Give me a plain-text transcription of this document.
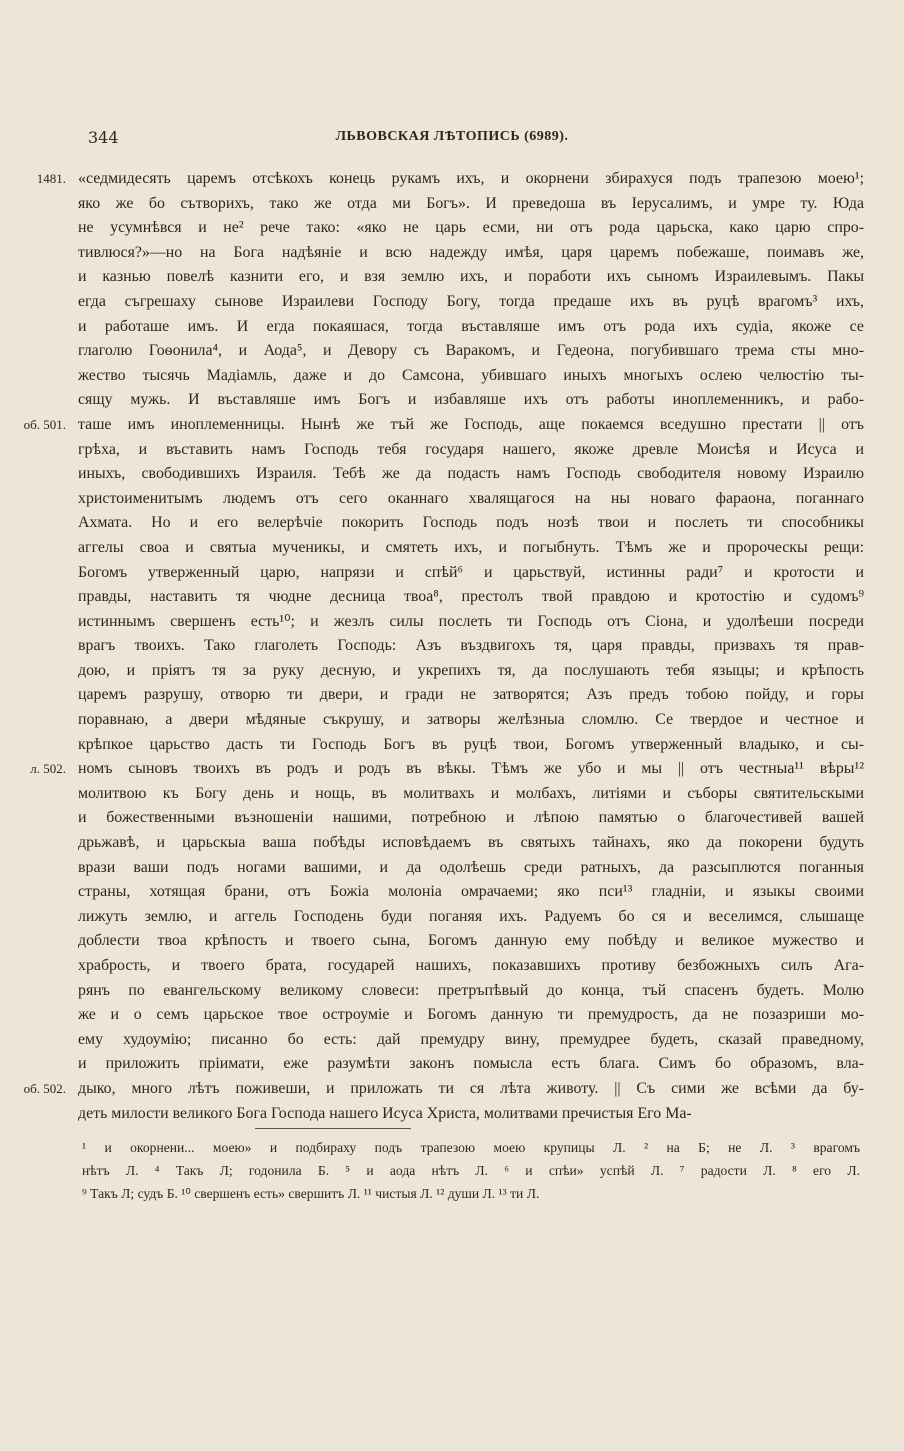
344	ЛЬВОВСКАЯ ЛѢТОПИСЬ (6989).
1481. «седмидесять царемъ отсѣкохъ конець рукамъ ихъ, и окорнени збирахуся подъ трапезою моею¹;
яко же бо сътворихъ, тако же отда ми Богъ». И преведоша въ Іерусалимъ, и умре ту. Юда
не усумнѣвся и не² рече тако: «яко не царь есми, ни отъ рода царьска, како царю спро-
тивлюся?»—но на Бога надѣяніе и всю надежду имѣя, царя царемъ побежаше, поимавъ же,
и казнью повелѣ казнити его, и взя землю ихъ, и поработи ихъ сыномъ Израилевымъ. Пакы
егда съгрешаху сынове Израилеви Господу Богу, тогда предаше ихъ въ руцѣ врагомъ³ ихъ,
и работаше имъ. И егда покаяшася, тогда въставляше имъ отъ рода ихъ судіа, якоже се
глаголю Гоѳонила⁴, и Аода⁵, и Девору съ Варакомъ, и Гедеона, погубившаго трема сты мно-
жество тысячь Мадіамль, даже и до Самсона, убившаго иныхъ многыхъ ослею челюстію ты-
сящу мужь. И въставляше имъ Богъ и избавляше ихъ отъ работы иноплеменникъ, и рабо-
об. 501. таше имъ иноплеменницы. Нынѣ же тъй же Господь, аще покаемся вседушно престати || отъ
грѣха, и въставить намъ Господь тебя государя нашего, якоже древле Моисѣя и Исуса и
иныхъ, свободившихъ Израиля. Тебѣ же да подасть намъ Господь свободителя новому Израилю
христоименитымъ людемъ отъ сего оканнаго хвалящагося на ны новаго фараона, поганнаго
Ахмата. Но и его велерѣчіе покорить Господь подъ нозѣ твои и послеть ти способникы
аггелы своа и святыа мученикы, и смятеть ихъ, и погыбнуть. Тѣмъ же и пророческы рещи:
Богомъ утверженный царю, напрязи и спѣй⁶ и царьствуй, истинны ради⁷ и кротости и
правды, наставить тя чюдне десница твоа⁸, престолъ твой правдою и кротостію и судомъ⁹
истиннымъ свершенъ есть¹⁰; и жезлъ силы послеть ти Господь отъ Сіона, и удолѣеши посреди
врагъ твоихъ. Тако глаголеть Господь: Азъ въздвигохъ тя, царя правды, призвахъ тя прав-
дою, и пріятъ тя за руку десную, и укрепихъ тя, да послушають тебя языцы; и крѣпость
царемъ разрушу, отворю ти двери, и гради не затворятся; Азъ предъ тобою пойду, и горы
поравнаю, а двери мѣдяные съкрушу, и затворы желѣзныа сломлю. Се твердое и честное и
крѣпкое царьство дасть ти Господь Богъ въ руцѣ твои, Богомъ утверженный владыко, и сы-
л. 502. номъ сыновъ твоихъ въ родъ и родъ въ вѣкы. Тѣмъ же убо и мы || отъ честныа¹¹ вѣры¹²
молитвою къ Богу день и нощь, въ молитвахъ и молбахъ, литіями и съборы святительскыми
и божественными възношеніи нашими, потребною и лѣпою памятью о благочестивей вашей
дрьжавѣ, и царьскыа ваша побѣды исповѣдаемъ въ святыхъ тайнахъ, яко да покорени будуть
врази ваши подъ ногами вашими, и да одолѣешь среди ратныхъ, да разсыплются поганныя
страны, хотящая брани, отъ Божіа молоніа омрачаеми; яко пси¹³ гладніи, и языкы своими
лижуть землю, и аггель Господень буди поганяя ихъ. Радуемъ бо ся и веселимся, слышаще
доблести твоа крѣпость и твоего сына, Богомъ данную ему побѣду и великое мужество и
храбрость, и твоего брата, государей нашихъ, показавшихъ противу безбожныхъ силъ Ага-
рянъ по евангельскому великому словеси: претръпѣвый до конца, тъй спасенъ будеть. Молю
же и о семъ царьское твое остроуміе и Богомъ данную ти премудрость, да не позазриши мо-
ему худоумію; писанно бо есть: дай премудру вину, премудрее будеть, сказай праведному,
и приложить пріимати, еже разумѣти законъ помысла есть блага. Симъ бо образомъ, вла-
об. 502. дыко, много лѣтъ поживеши, и приложать ти ся лѣта животу. || Съ сими же всѣми да бу-
деть милости великого Бога Господа нашего Исуса Христа, молитвами пречистыя Его Ма-
¹ и окорнени... моею» и подбираху подъ трапезою моею крупицы Л. ² на Б; не Л. ³ врагомъ
нѣтъ Л. ⁴ Такъ Л; годонила Б. ⁵ и аода нѣтъ Л. ⁶ и спѣи» успѣй Л. ⁷ радости Л. ⁸ его Л.
⁹ Такъ Л; судъ Б. ¹⁰ свершенъ есть» свершитъ Л. ¹¹ чистыя Л. ¹² души Л. ¹³ ти Л.
